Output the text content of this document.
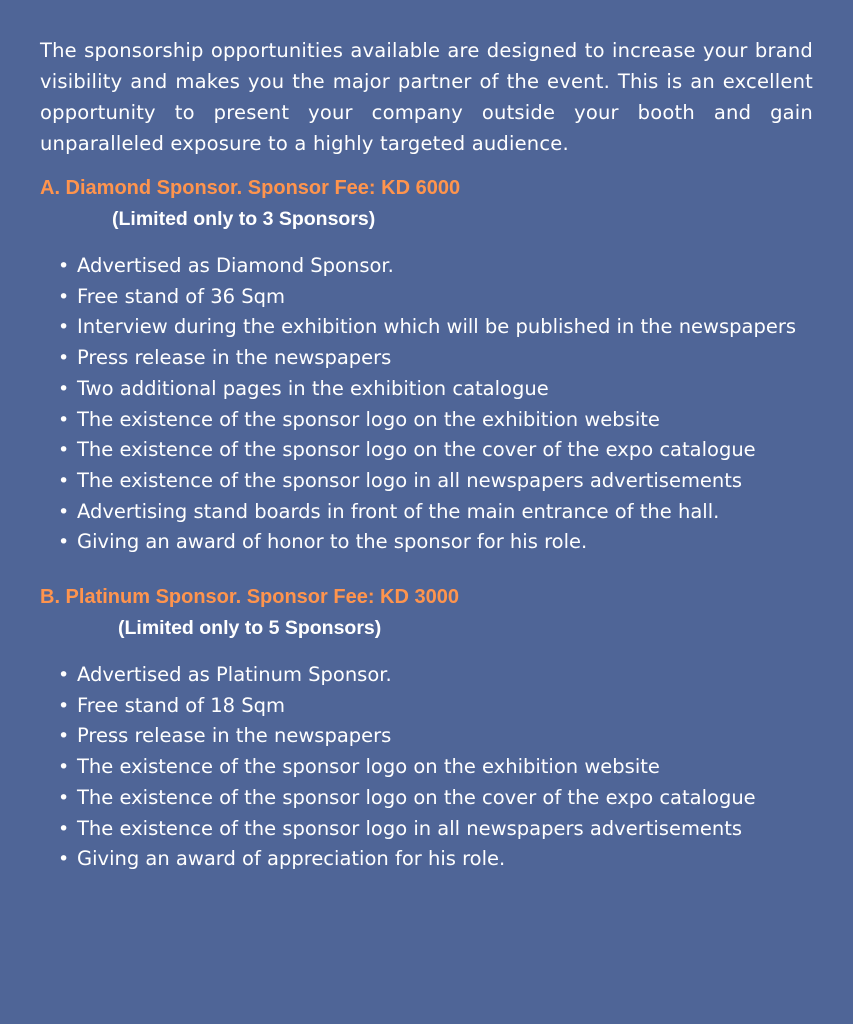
The sponsorship opportunities available are designed to increase your brand visibility and makes you the major partner of the event. This is an excellent opportunity to present your company outside your booth and gain unparalleled exposure to a highly targeted audience.

A. Diamond Sponsor. Sponsor Fee: KD 6000

(Limited only to 3 Sponsors)

• Advertised as Diamond Sponsor.
• Free stand of 36 Sqm
• Interview during the exhibition which will be published in the newspapers
• Press release in the newspapers
• Two additional pages in the exhibition catalogue
• The existence of the sponsor logo on the exhibition website
• The existence of the sponsor logo on the cover of the expo catalogue
• The existence of the sponsor logo in all newspapers advertisements
• Advertising stand boards in front of the main entrance of the hall.
• Giving an award of honor to the sponsor for his role.
B. Platinum Sponsor. Sponsor Fee: KD 3000

(Limited only to 5 Sponsors)

• Advertised as Platinum Sponsor.
• Free stand of 18 Sqm
• Press release in the newspapers
• The existence of the sponsor logo on the exhibition website
• The existence of the sponsor logo on the cover of the expo catalogue
• The existence of the sponsor logo in all newspapers advertisements
• Giving an award of appreciation for his role.
